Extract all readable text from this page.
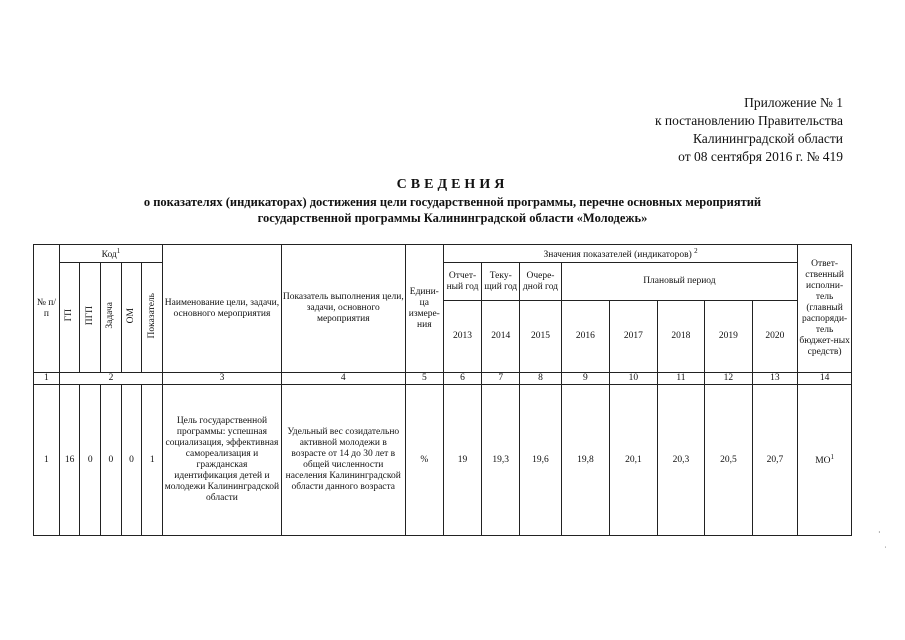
Приложение № 1
к постановлению Правительства
Калининградской области
от 08 сентября 2016 г. № 419
СВЕДЕНИЯ
о показателях (индикаторах) достижения цели государственной программы, перечне основных мероприятий
государственной программы Калининградской области «Молодежь»
№ п/п	Код$^1$					Наименование цели, задачи, основного мероприятия	Показатель выполнения цели, задачи, основного мероприятия	Едини-ца измере-ния	Значения показателей (индикаторов) $^2$								Ответ-ственный исполни-тель (главный распоряди-тель бюджет-ных средств)
	ГП	ПГП	Задача	ОМ	Показатель				Отчет-ный год	Теку-щий год	Очере-дной год	Плановый период					
									2013	2014	2015	2016	2017	2018	2019	2020	
1	2					3	4	5	6	7	8	9	10	11	12	13	14
1	16	0	0	0	1	Цель государственной программы: успешная социализация, эффективная самореализация и гражданская идентификация детей и молодежи Калининградской области	Удельный вес созидательно активной молодежи в возрасте от 14 до 30 лет в общей численности населения Калининградской области данного возраста	%	19	19,3	19,6	19,8	20,1	20,3	20,5	20,7	$МО^1$
·
˙
